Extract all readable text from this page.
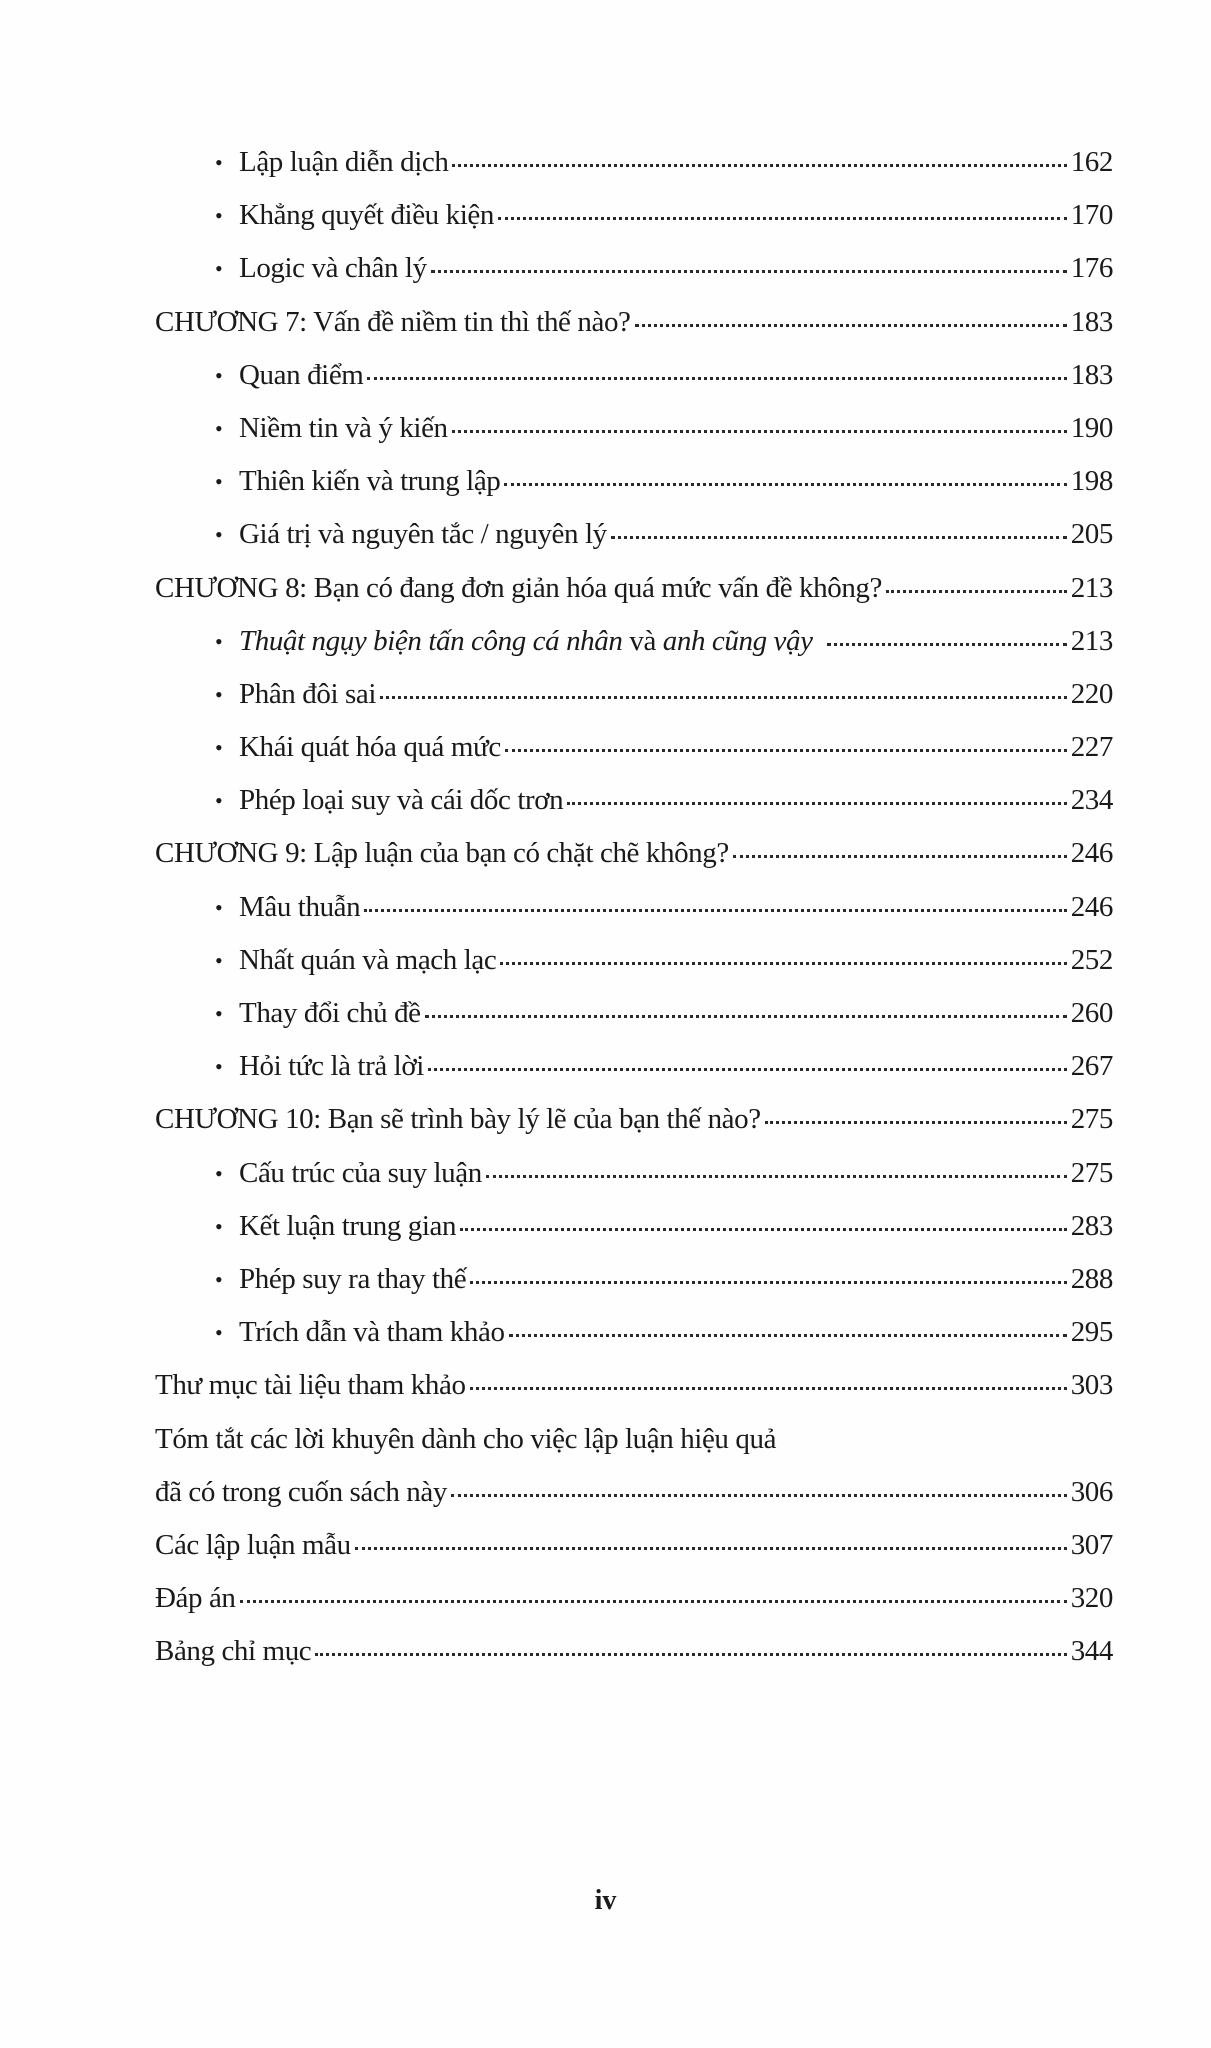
• Lập luận diễn dịch	162
• Khẳng quyết điều kiện	170
• Logic và chân lý	176
CHƯƠNG 7: Vấn đề niềm tin thì thế nào?	183
• Quan điểm	183
• Niềm tin và ý kiến	190
• Thiên kiến và trung lập	198
• Giá trị và nguyên tắc / nguyên lý	205
CHƯƠNG 8: Bạn có đang đơn giản hóa quá mức vấn đề không?	213
• Thuật ngụy biện tấn công cá nhân và anh cũng vậy	213
• Phân đôi sai	220
• Khái quát hóa quá mức	227
• Phép loại suy và cái dốc trơn	234
CHƯƠNG 9: Lập luận của bạn có chặt chẽ không?	246
• Mâu thuẫn	246
• Nhất quán và mạch lạc	252
• Thay đổi chủ đề	260
• Hỏi tức là trả lời	267
CHƯƠNG 10: Bạn sẽ trình bày lý lẽ của bạn thế nào?	275
• Cấu trúc của suy luận	275
• Kết luận trung gian	283
• Phép suy ra thay thế	288
• Trích dẫn và tham khảo	295
Thư mục tài liệu tham khảo	303
Tóm tắt các lời khuyên dành cho việc lập luận hiệu quả
đã có trong cuốn sách này	306
Các lập luận mẫu	307
Đáp án	320
Bảng chỉ mục	344
iv
